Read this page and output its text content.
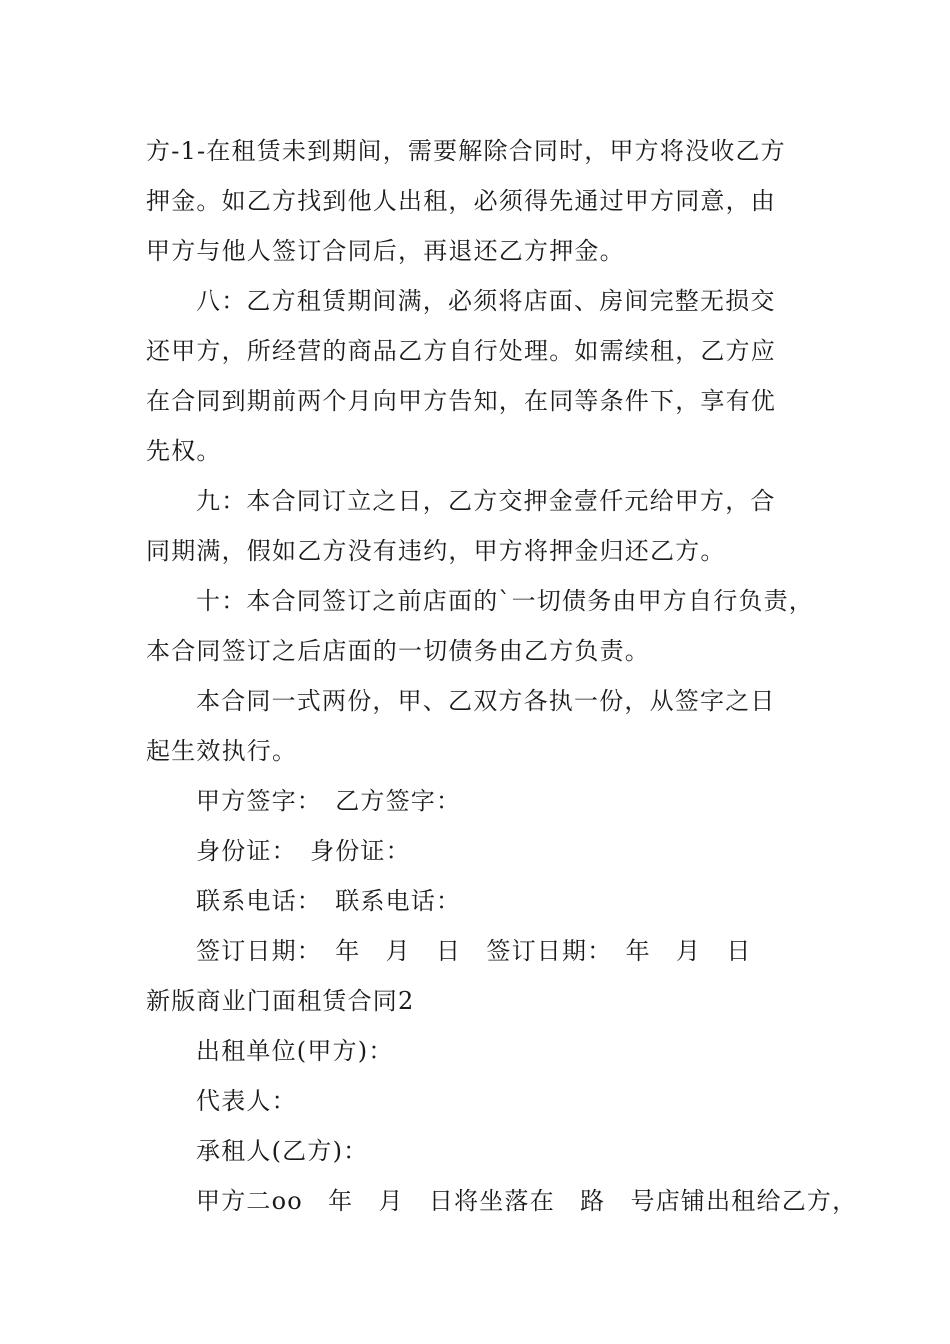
方-1-在租赁未到期间，需要解除合同时，甲方将没收乙方
押金。如乙方找到他人出租，必须得先通过甲方同意，由
甲方与他人签订合同后，再退还乙方押金。
八：乙方租赁期间满，必须将店面、房间完整无损交
还甲方，所经营的商品乙方自行处理。如需续租，乙方应
在合同到期前两个月向甲方告知，在同等条件下，享有优
先权。
九：本合同订立之日，乙方交押金壹仟元给甲方，合
同期满，假如乙方没有违约，甲方将押金归还乙方。
十：本合同签订之前店面的`一切债务由甲方自行负责，
本合同签订之后店面的一切债务由乙方负责。
本合同一式两份，甲、乙双方各执一份，从签字之日
起生效执行。
甲方签字：　乙方签字：
身份证：　身份证：
联系电话：　联系电话：
签订日期：　年　月　日　签订日期：　年　月　日
新版商业门面租赁合同2
出租单位(甲方)：
代表人：
承租人(乙方)：
甲方二oo　年　月　日将坐落在　路　号店铺出租给乙方，
